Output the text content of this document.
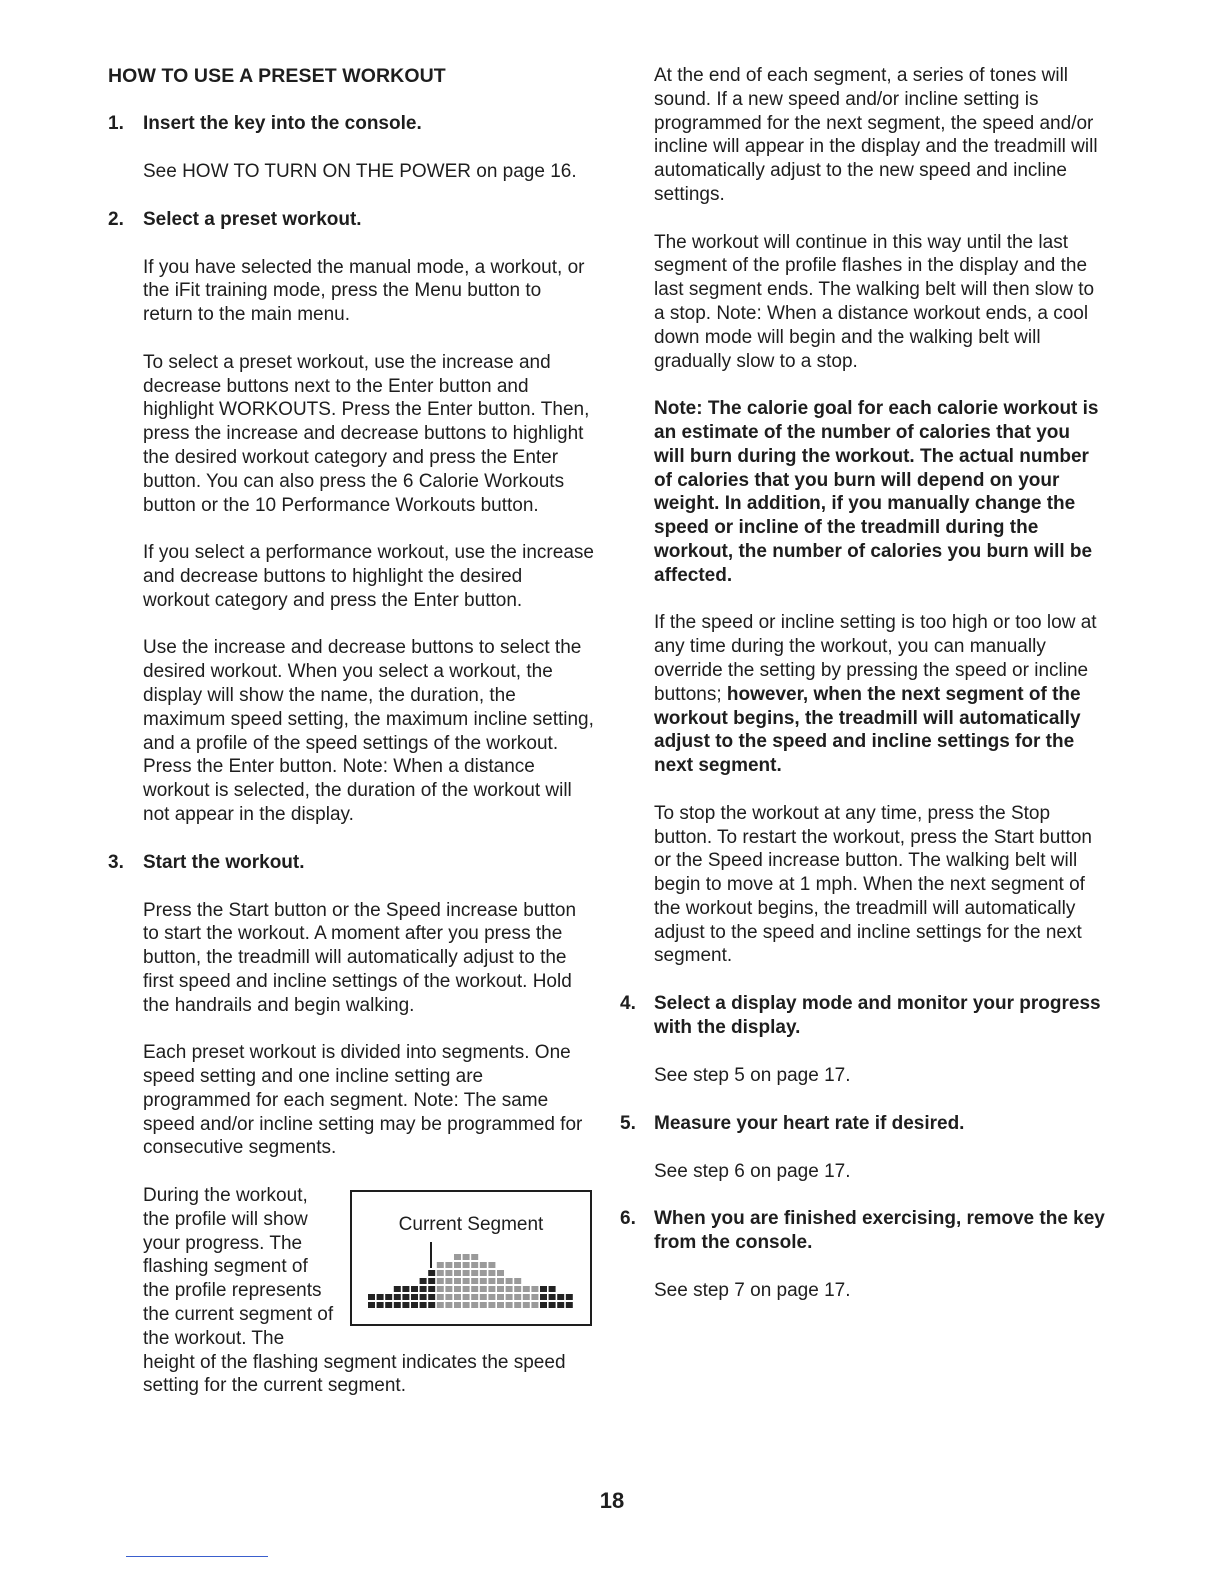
HOW TO USE A PRESET WORKOUT
1.	Insert the key into the console.

See HOW TO TURN ON THE POWER on page 16.

2.	Select a preset workout.

If you have selected the manual mode, a workout, or the iFit training mode, press the Menu button to return to the main menu.

To select a preset workout, use the increase and decrease buttons next to the Enter button and highlight WORKOUTS. Press the Enter button. Then, press the increase and decrease buttons to highlight the desired workout category and press the Enter button. You can also press the 6 Calorie Workouts button or the 10 Performance Workouts button.

If you select a performance workout, use the increase and decrease buttons to highlight the desired workout category and press the Enter button.

Use the increase and decrease buttons to select the desired workout. When you select a workout, the display will show the name, the duration, the maximum speed setting, the maximum incline setting, and a profile of the speed settings of the workout. Press the Enter button. Note: When a distance workout is selected, the duration of the workout will not appear in the display.

3.	Start the workout.

Press the Start button or the Speed increase button to start the workout. A moment after you press the button, the treadmill will automatically adjust to the first speed and incline settings of the workout. Hold the handrails and begin walking.

Each preset workout is divided into segments. One speed setting and one incline setting are programmed for each segment. Note: The same speed and/or incline setting may be programmed for consecutive segments.

Current Segment

During the workout, the profile will show your progress. The flashing segment of the profile represents the current segment of the workout. The height of the flashing segment indicates the speed setting for the current segment.

At the end of each segment, a series of tones will sound. If a new speed and/or incline setting is programmed for the next segment, the speed and/or incline will appear in the display and the treadmill will automatically adjust to the new speed and incline settings.

The workout will continue in this way until the last segment of the profile flashes in the display and the last segment ends. The walking belt will then slow to a stop. Note: When a distance workout ends, a cool down mode will begin and the walking belt will gradually slow to a stop.

Note: The calorie goal for each calorie workout is an estimate of the number of calories that you will burn during the workout. The actual number of calories that you burn will depend on your weight. In addition, if you manually change the speed or incline of the treadmill during the workout, the number of calories you burn will be affected.

If the speed or incline setting is too high or too low at any time during the workout, you can manually override the setting by pressing the speed or incline buttons; however, when the next segment of the workout begins, the treadmill will automatically adjust to the speed and incline settings for the next segment.

To stop the workout at any time, press the Stop button. To restart the workout, press the Start button or the Speed increase button. The walking belt will begin to move at 1 mph. When the next segment of the workout begins, the treadmill will automatically adjust to the speed and incline settings for the next segment.

4. Select a display mode and monitor your progress with the display.

See step 5 on page 17.

5. Measure your heart rate if desired.

See step 6 on page 17.

6. When you are finished exercising, remove the key from the console.

See step 7 on page 17.

18
